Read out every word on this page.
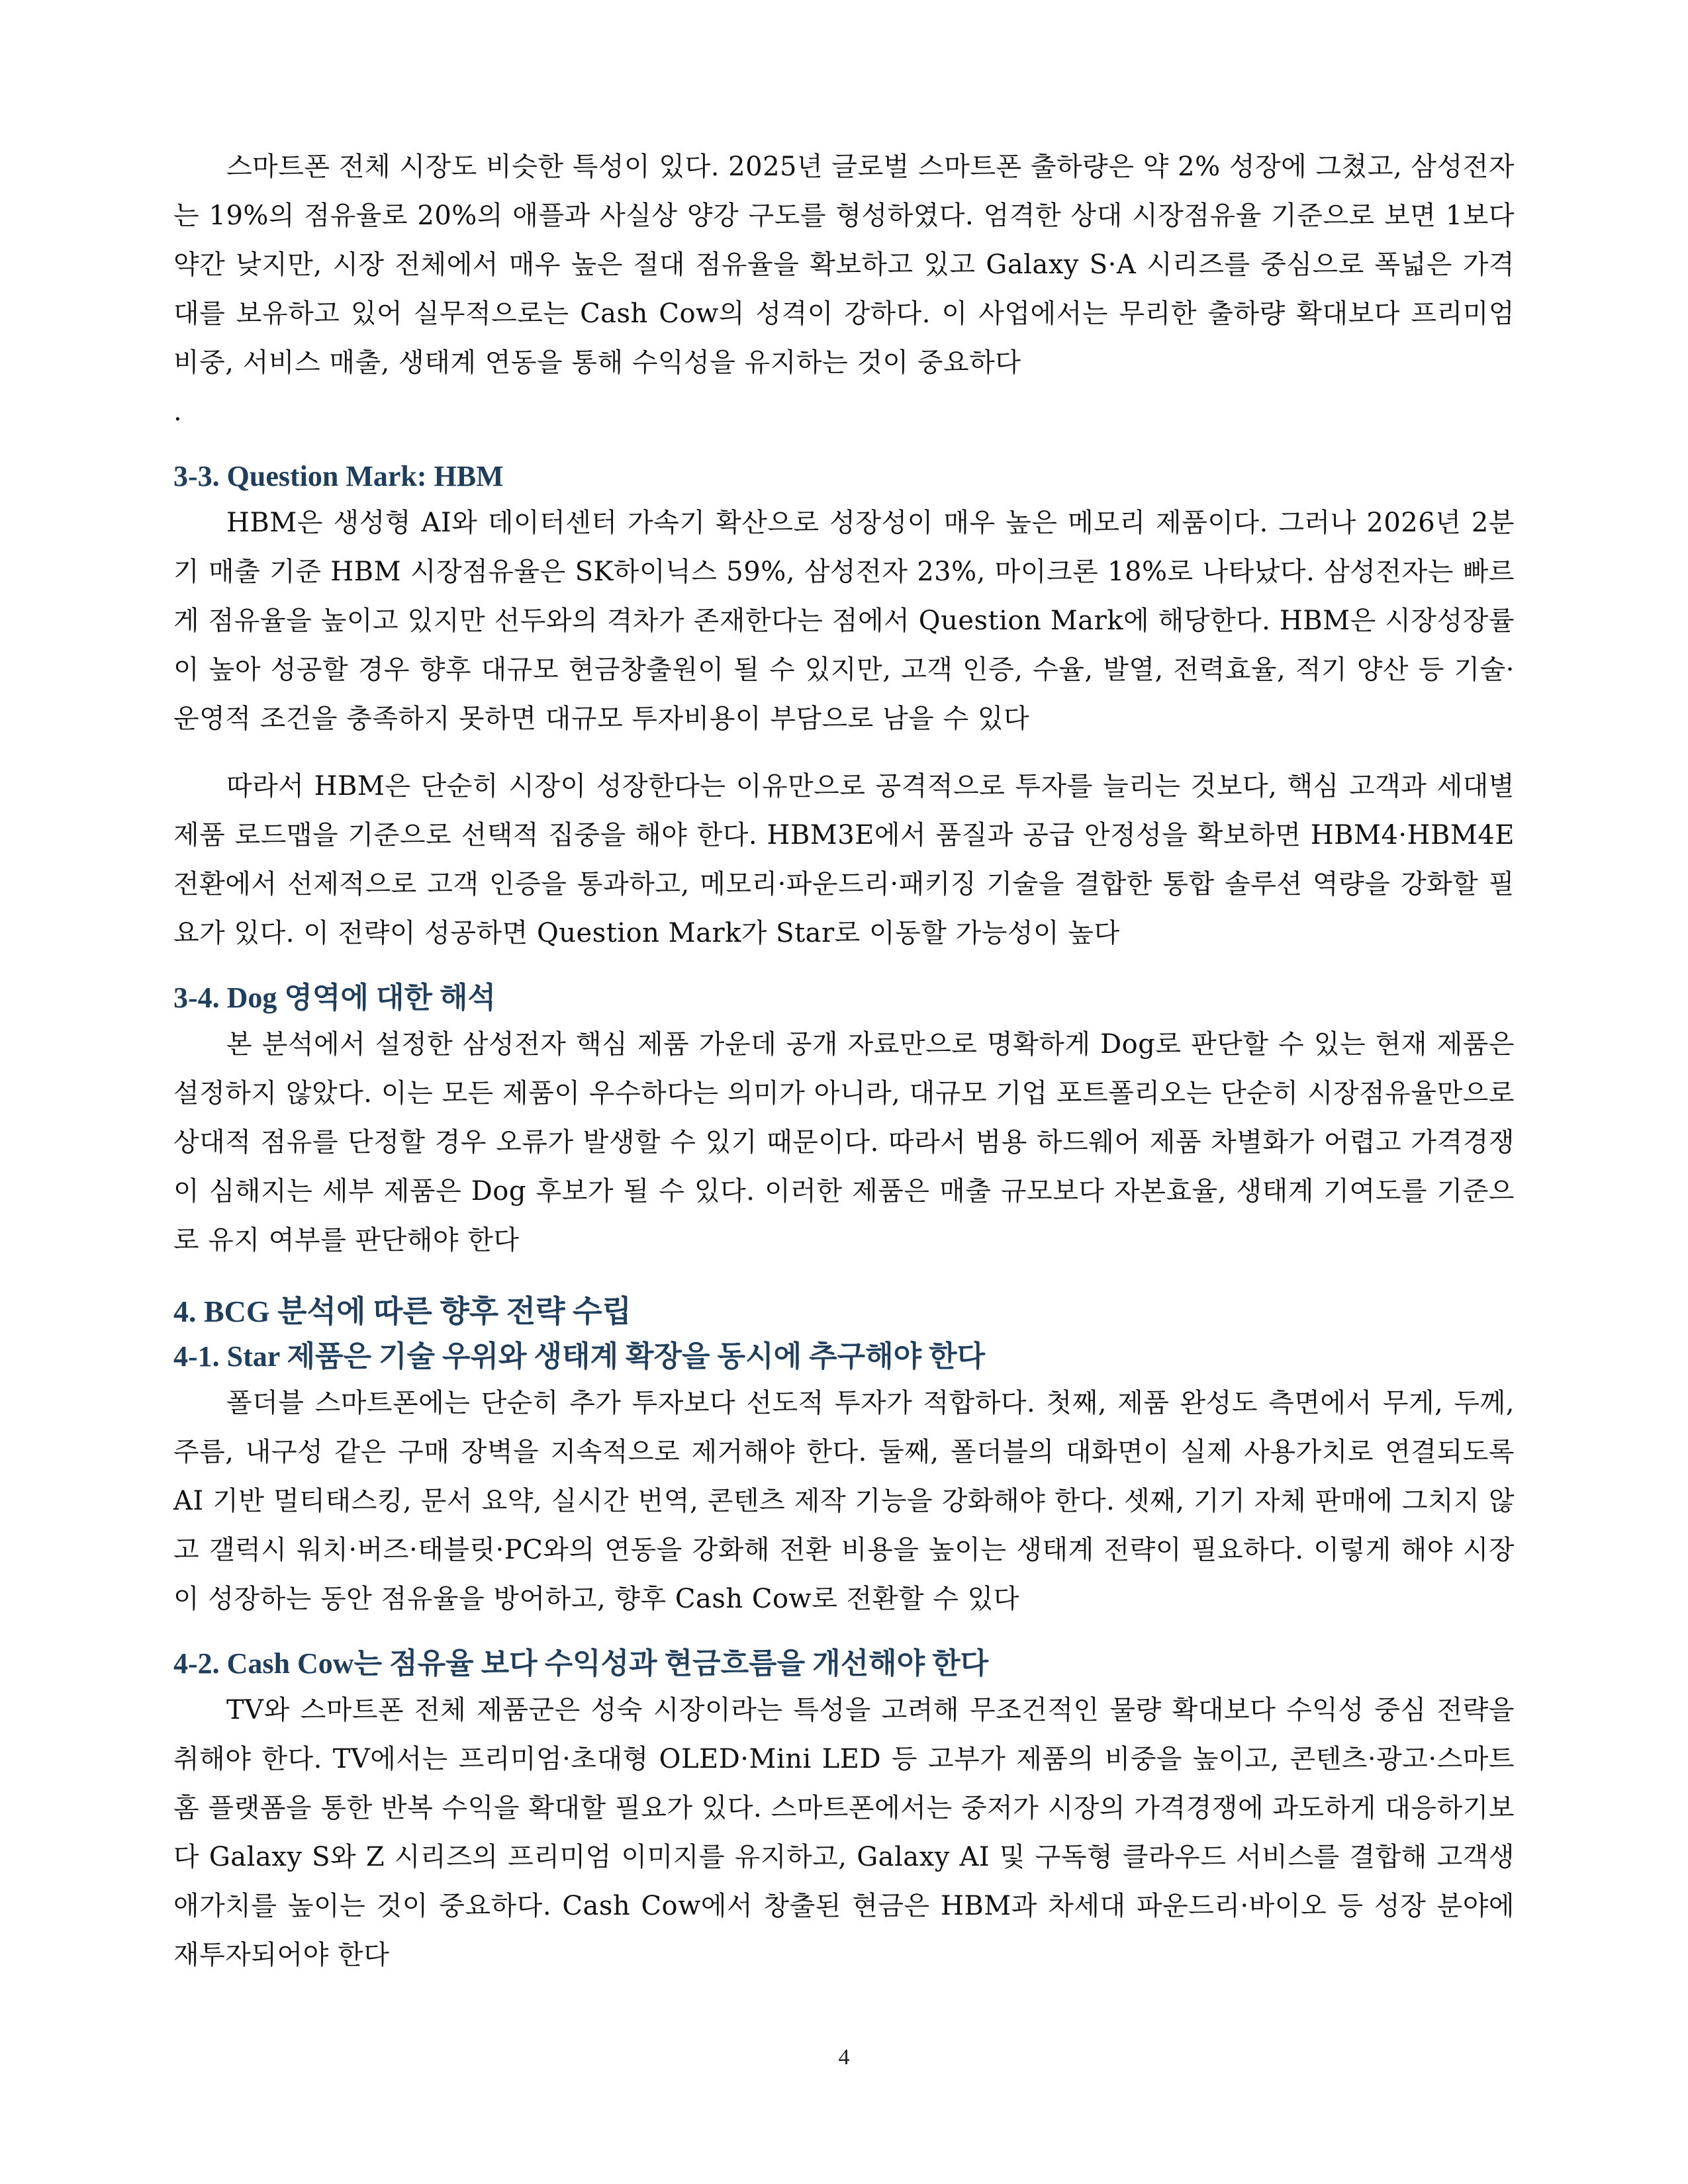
스마트폰 전체 시장도 비슷한 특성이 있다. 2025년 글로벌 스마트폰 출하량은 약 2% 성장에 그쳤고, 삼성전자는 19%의 점유율로 20%의 애플과 사실상 양강 구도를 형성하였다. 엄격한 상대 시장점유율 기준으로 보면 1보다 약간 낮지만, 시장 전체에서 매우 높은 절대 점유율을 확보하고 있고 Galaxy S·A 시리즈를 중심으로 폭넓은 가격대를 보유하고 있어 실무적으로는 Cash Cow의 성격이 강하다. 이 사업에서는 무리한 출하량 확대보다 프리미엄 비중, 서비스 매출, 생태계 연동을 통해 수익성을 유지하는 것이 중요하다

.

3-3. Question Mark: HBM

HBM은 생성형 AI와 데이터센터 가속기 확산으로 성장성이 매우 높은 메모리 제품이다. 그러나 2026년 2분기 매출 기준 HBM 시장점유율은 SK하이닉스 59%, 삼성전자 23%, 마이크론 18%로 나타났다. 삼성전자는 빠르게 점유율을 높이고 있지만 선두와의 격차가 존재한다는 점에서 Question Mark에 해당한다. HBM은 시장성장률이 높아 성공할 경우 향후 대규모 현금창출원이 될 수 있지만, 고객 인증, 수율, 발열, 전력효율, 적기 양산 등 기술·운영적 조건을 충족하지 못하면 대규모 투자비용이 부담으로 남을 수 있다

따라서 HBM은 단순히 시장이 성장한다는 이유만으로 공격적으로 투자를 늘리는 것보다, 핵심 고객과 세대별 제품 로드맵을 기준으로 선택적 집중을 해야 한다. HBM3E에서 품질과 공급 안정성을 확보하면 HBM4·HBM4E 전환에서 선제적으로 고객 인증을 통과하고, 메모리·파운드리·패키징 기술을 결합한 통합 솔루션 역량을 강화할 필요가 있다. 이 전략이 성공하면 Question Mark가 Star로 이동할 가능성이 높다

3-4. Dog 영역에 대한 해석

본 분석에서 설정한 삼성전자 핵심 제품 가운데 공개 자료만으로 명확하게 Dog로 판단할 수 있는 현재 제품은 설정하지 않았다. 이는 모든 제품이 우수하다는 의미가 아니라, 대규모 기업 포트폴리오는 단순히 시장점유율만으로 상대적 점유를 단정할 경우 오류가 발생할 수 있기 때문이다. 따라서 범용 하드웨어 제품 차별화가 어렵고 가격경쟁이 심해지는 세부 제품은 Dog 후보가 될 수 있다. 이러한 제품은 매출 규모보다 자본효율, 생태계 기여도를 기준으로 유지 여부를 판단해야 한다

4. BCG 분석에 따른 향후 전략 수립
4-1. Star 제품은 기술 우위와 생태계 확장을 동시에 추구해야 한다

폴더블 스마트폰에는 단순히 추가 투자보다 선도적 투자가 적합하다. 첫째, 제품 완성도 측면에서 무게, 두께, 주름, 내구성 같은 구매 장벽을 지속적으로 제거해야 한다. 둘째, 폴더블의 대화면이 실제 사용가치로 연결되도록 AI 기반 멀티태스킹, 문서 요약, 실시간 번역, 콘텐츠 제작 기능을 강화해야 한다. 셋째, 기기 자체 판매에 그치지 않고 갤럭시 워치·버즈·태블릿·PC와의 연동을 강화해 전환 비용을 높이는 생태계 전략이 필요하다. 이렇게 해야 시장이 성장하는 동안 점유율을 방어하고, 향후 Cash Cow로 전환할 수 있다

4-2. Cash Cow는 점유율 보다 수익성과 현금흐름을 개선해야 한다

TV와 스마트폰 전체 제품군은 성숙 시장이라는 특성을 고려해 무조건적인 물량 확대보다 수익성 중심 전략을 취해야 한다. TV에서는 프리미엄·초대형 OLED·Mini LED 등 고부가 제품의 비중을 높이고, 콘텐츠·광고·스마트홈 플랫폼을 통한 반복 수익을 확대할 필요가 있다. 스마트폰에서는 중저가 시장의 가격경쟁에 과도하게 대응하기보다 Galaxy S와 Z 시리즈의 프리미엄 이미지를 유지하고, Galaxy AI 및 구독형 클라우드 서비스를 결합해 고객생애가치를 높이는 것이 중요하다. Cash Cow에서 창출된 현금은 HBM과 차세대 파운드리·바이오 등 성장 분야에 재투자되어야 한다

4
